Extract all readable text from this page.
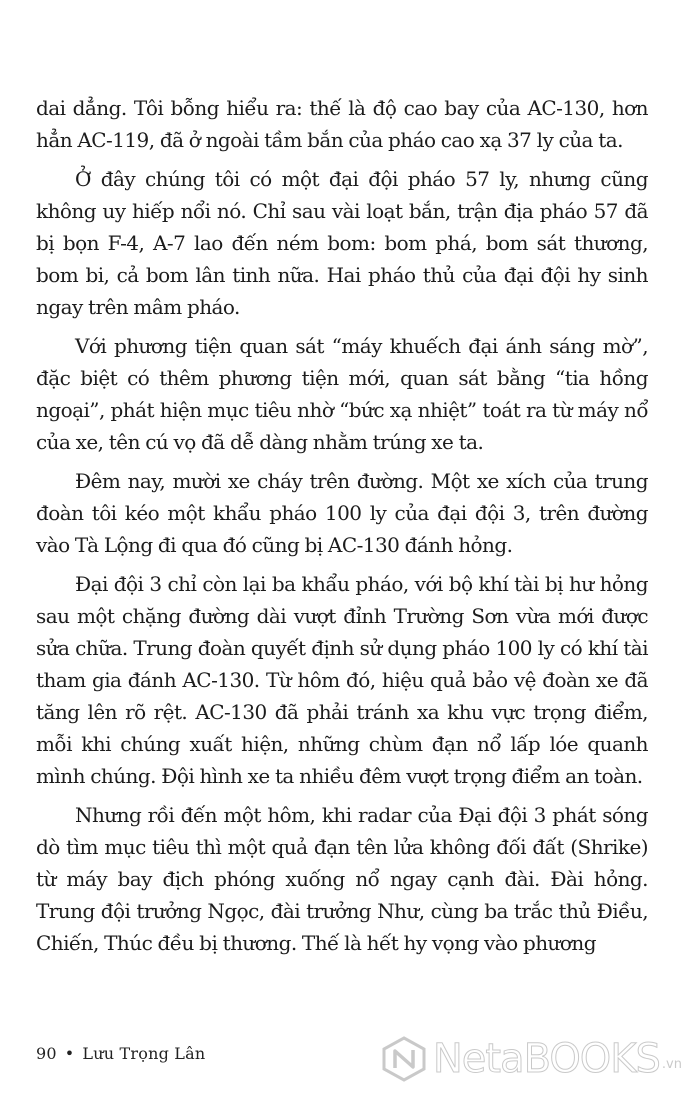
dai dẳng. Tôi bỗng hiểu ra: thế là độ cao bay của AC-130, hơn hẳn AC-119, đã ở ngoài tầm bắn của pháo cao xạ 37 ly của ta.

Ở đây chúng tôi có một đại đội pháo 57 ly, nhưng cũng không uy hiếp nổi nó. Chỉ sau vài loạt bắn, trận địa pháo 57 đã bị bọn F-4, A-7 lao đến ném bom: bom phá, bom sát thương, bom bi, cả bom lân tinh nữa. Hai pháo thủ của đại đội hy sinh ngay trên mâm pháo.

Với phương tiện quan sát “máy khuếch đại ánh sáng mờ”, đặc biệt có thêm phương tiện mới, quan sát bằng “tia hồng ngoại”, phát hiện mục tiêu nhờ “bức xạ nhiệt” toát ra từ máy nổ của xe, tên cú vọ đã dễ dàng nhằm trúng xe ta.

Đêm nay, mười xe cháy trên đường. Một xe xích của trung đoàn tôi kéo một khẩu pháo 100 ly của đại đội 3, trên đường vào Tà Lộng đi qua đó cũng bị AC-130 đánh hỏng.

Đại đội 3 chỉ còn lại ba khẩu pháo, với bộ khí tài bị hư hỏng sau một chặng đường dài vượt đỉnh Trường Sơn vừa mới được sửa chữa. Trung đoàn quyết định sử dụng pháo 100 ly có khí tài tham gia đánh AC-130. Từ hôm đó, hiệu quả bảo vệ đoàn xe đã tăng lên rõ rệt. AC-130 đã phải tránh xa khu vực trọng điểm, mỗi khi chúng xuất hiện, những chùm đạn nổ lấp lóe quanh mình chúng. Đội hình xe ta nhiều đêm vượt trọng điểm an toàn.

Nhưng rồi đến một hôm, khi radar của Đại đội 3 phát sóng dò tìm mục tiêu thì một quả đạn tên lửa không đối đất (Shrike) từ máy bay địch phóng xuống nổ ngay cạnh đài. Đài hỏng. Trung đội trưởng Ngọc, đài trưởng Như, cùng ba trắc thủ Điều, Chiến, Thúc đều bị thương. Thế là hết hy vọng vào phương

90 • Lưu Trọng Lân	NetaBOOKS .vn
